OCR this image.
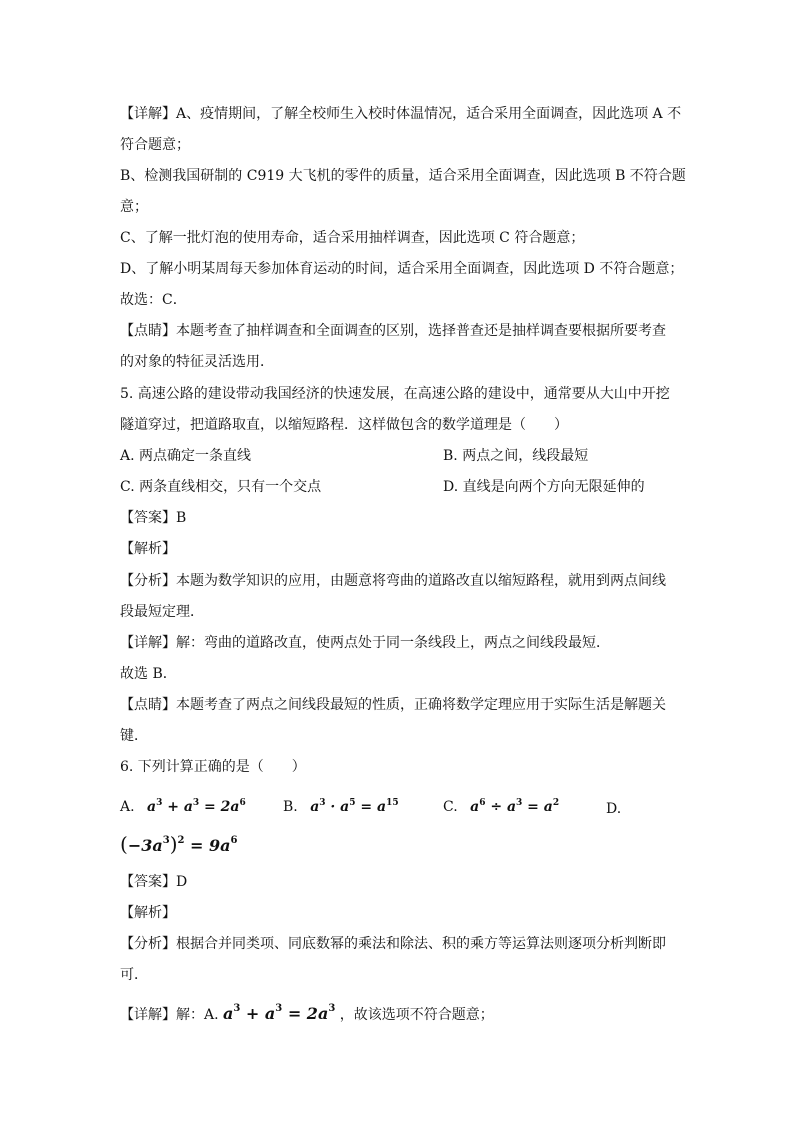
【详解】A、疫情期间，了解全校师生入校时体温情况，适合采用全面调查，因此选项 A 不
符合题意；
B、检测我国研制的 C919 大飞机的零件的质量，适合采用全面调查，因此选项 B 不符合题
意；
C、了解一批灯泡的使用寿命，适合采用抽样调查，因此选项 C 符合题意；
D、了解小明某周每天参加体育运动的时间，适合采用全面调查，因此选项 D 不符合题意；
故选：C．
【点睛】本题考查了抽样调查和全面调查的区别，选择普查还是抽样调查要根据所要考查
的对象的特征灵活选用．
5. 高速公路的建设带动我国经济的快速发展，在高速公路的建设中，通常要从大山中开挖
隧道穿过，把道路取直，以缩短路程．这样做包含的数学道理是（　　）
A. 两点确定一条直线	B. 两点之间，线段最短
C. 两条直线相交，只有一个交点	D. 直线是向两个方向无限延伸的
【答案】B
【解析】
【分析】本题为数学知识的应用，由题意将弯曲的道路改直以缩短路程，就用到两点间线
段最短定理．
【详解】解：弯曲的道路改直，使两点处于同一条线段上，两点之间线段最短．
故选 B．
【点睛】本题考查了两点之间线段最短的性质，正确将数学定理应用于实际生活是解题关
键．
6. 下列计算正确的是（　　）
A. $a^3 + a^3 = 2a^6$	B. $a^3 \cdot a^5 = a^{15}$	C. $a^6 \div a^3 = a^2$	D.
$(-3a^3)^2 = 9a^6$
【答案】D
【解析】
【分析】根据合并同类项、同底数幂的乘法和除法、积的乘方等运算法则逐项分析判断即
可．
【详解】解：A. $a^3 + a^3 = 2a^3$ ，故该选项不符合题意；
